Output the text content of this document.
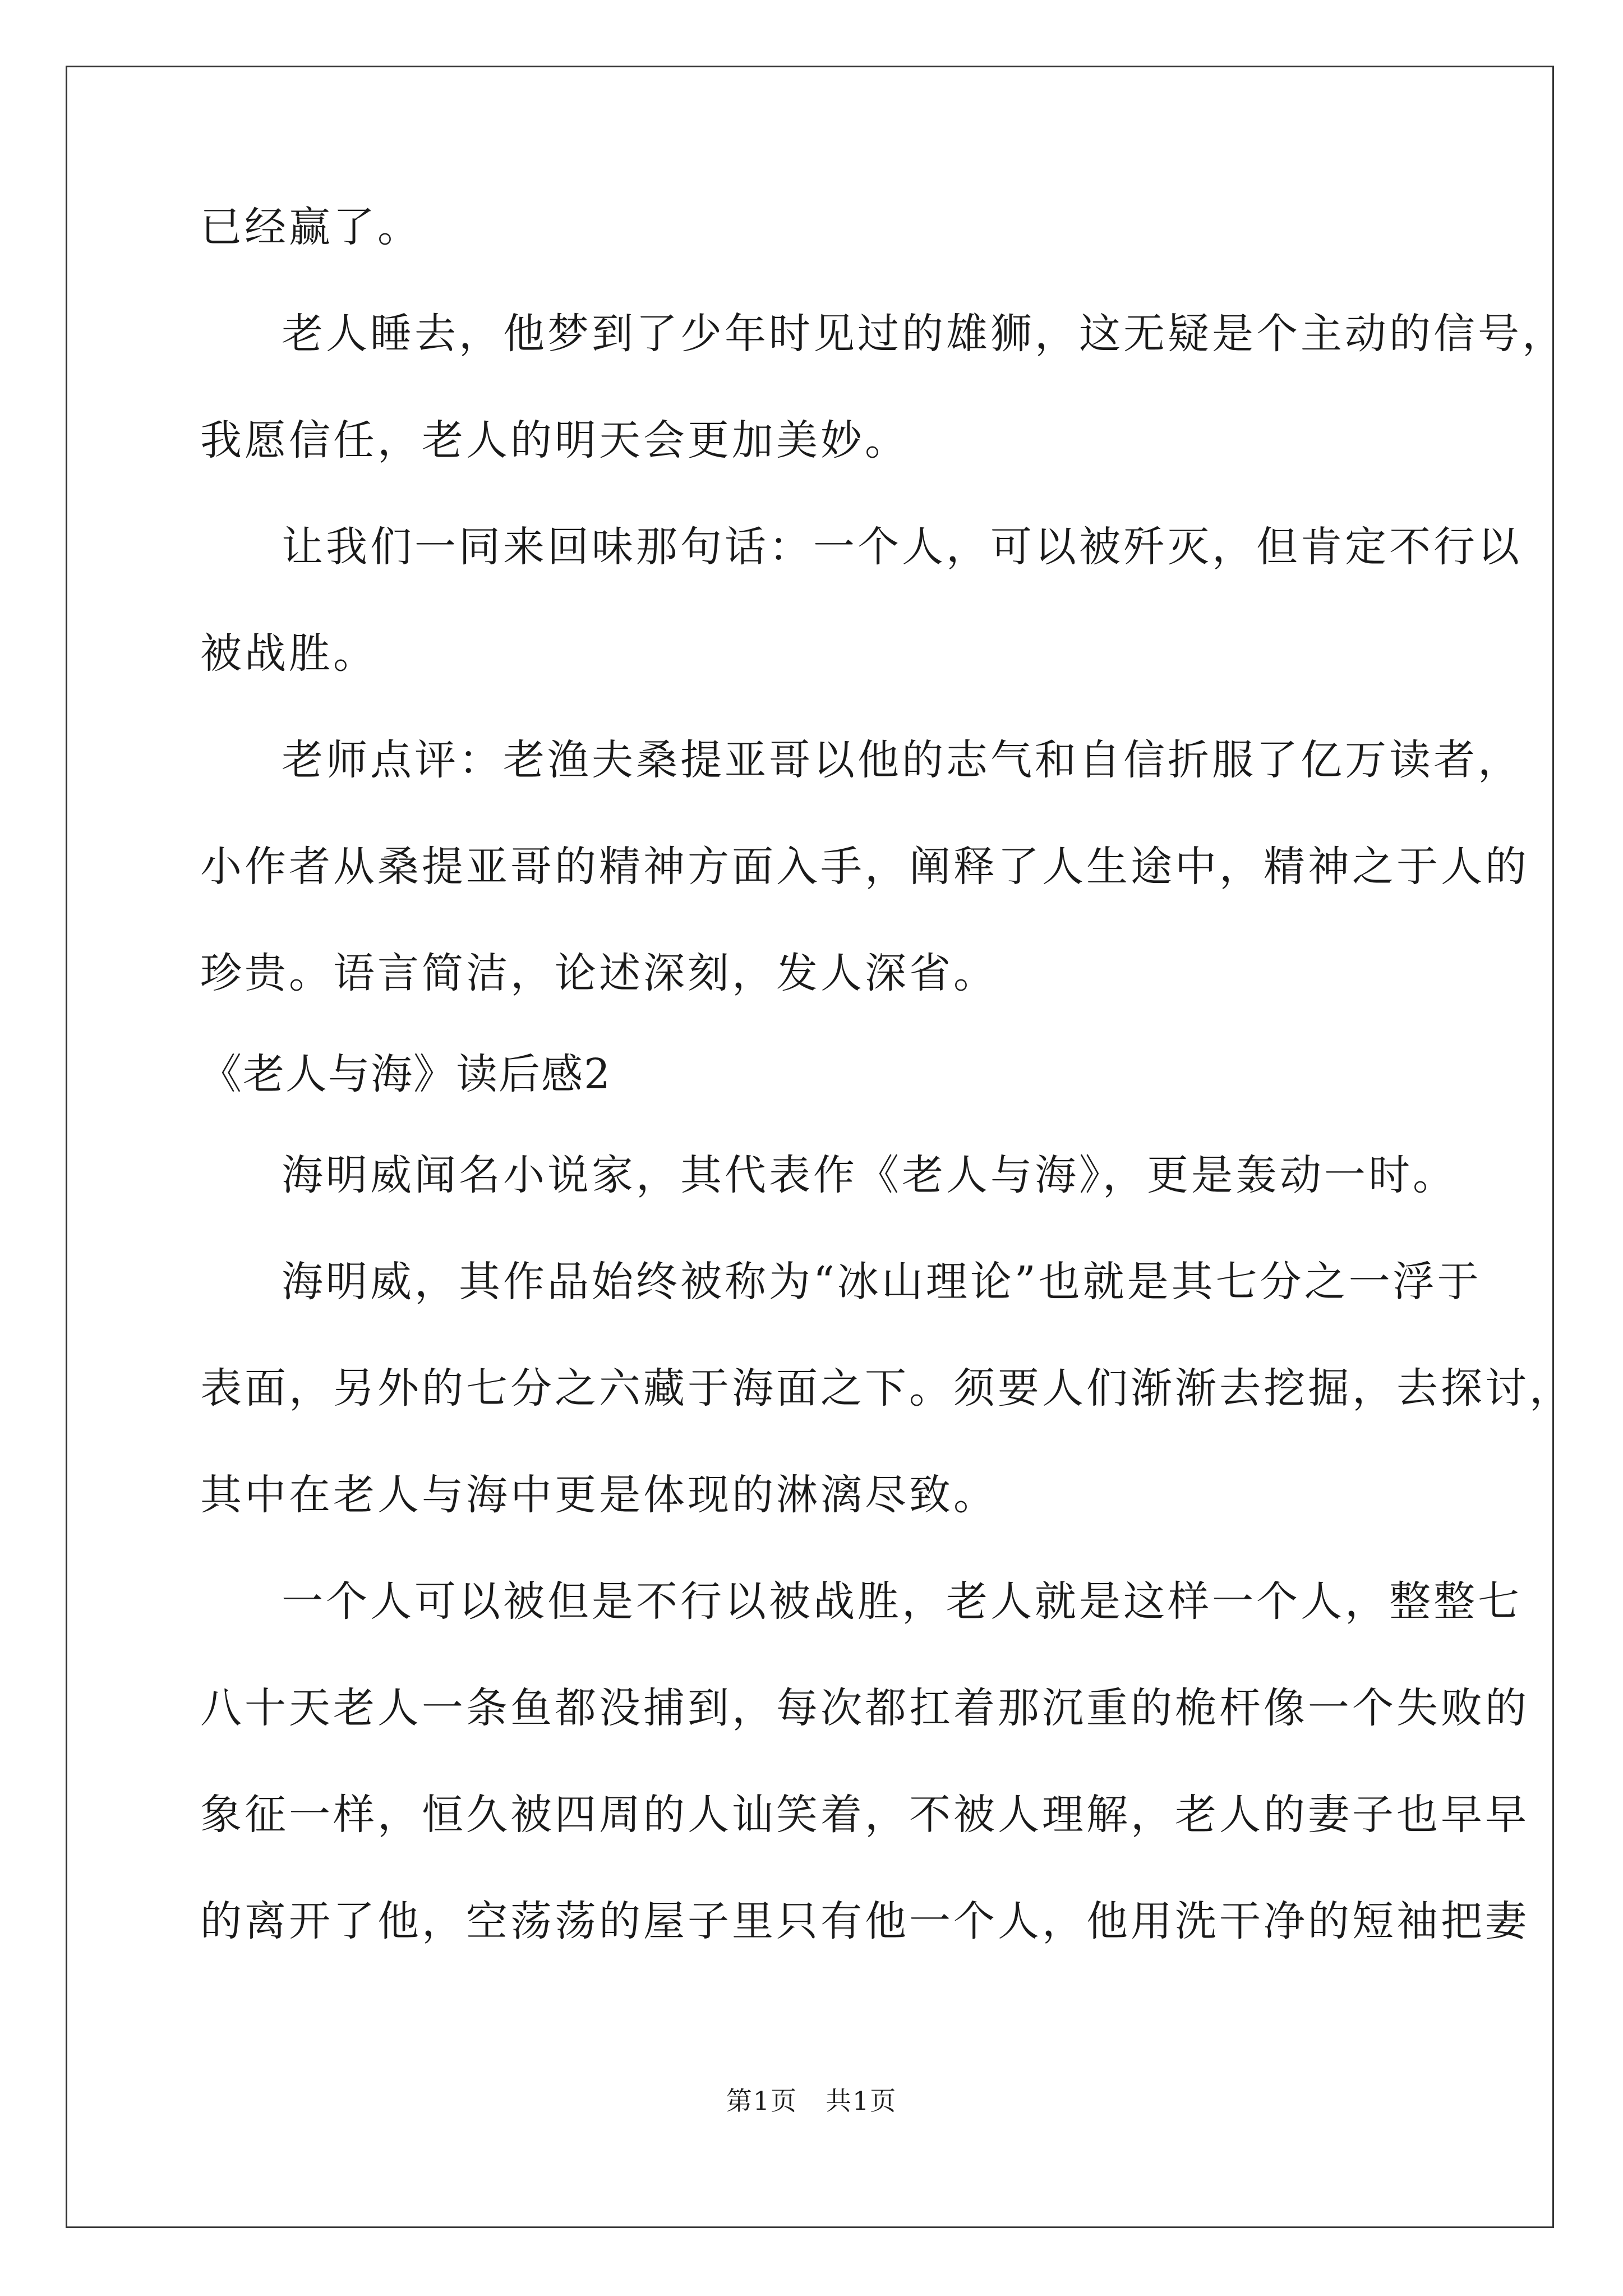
已经赢了。
老人睡去，他梦到了少年时见过的雄狮，这无疑是个主动的信号，
我愿信任，老人的明天会更加美妙。
让我们一同来回味那句话：一个人，可以被歼灭，但肯定不行以
被战胜。
老师点评：老渔夫桑提亚哥以他的志气和自信折服了亿万读者，
小作者从桑提亚哥的精神方面入手，阐释了人生途中，精神之于人的
珍贵。语言简洁，论述深刻，发人深省。
《老人与海》读后感2
海明威闻名小说家，其代表作《老人与海》，更是轰动一时。
海明威，其作品始终被称为“冰山理论”也就是其七分之一浮于
表面，另外的七分之六藏于海面之下。须要人们渐渐去挖掘，去探讨，
其中在老人与海中更是体现的淋漓尽致。
一个人可以被但是不行以被战胜，老人就是这样一个人，整整七
八十天老人一条鱼都没捕到，每次都扛着那沉重的桅杆像一个失败的
象征一样，恒久被四周的人讪笑着，不被人理解，老人的妻子也早早
的离开了他，空荡荡的屋子里只有他一个人，他用洗干净的短袖把妻
第1页 共1页
